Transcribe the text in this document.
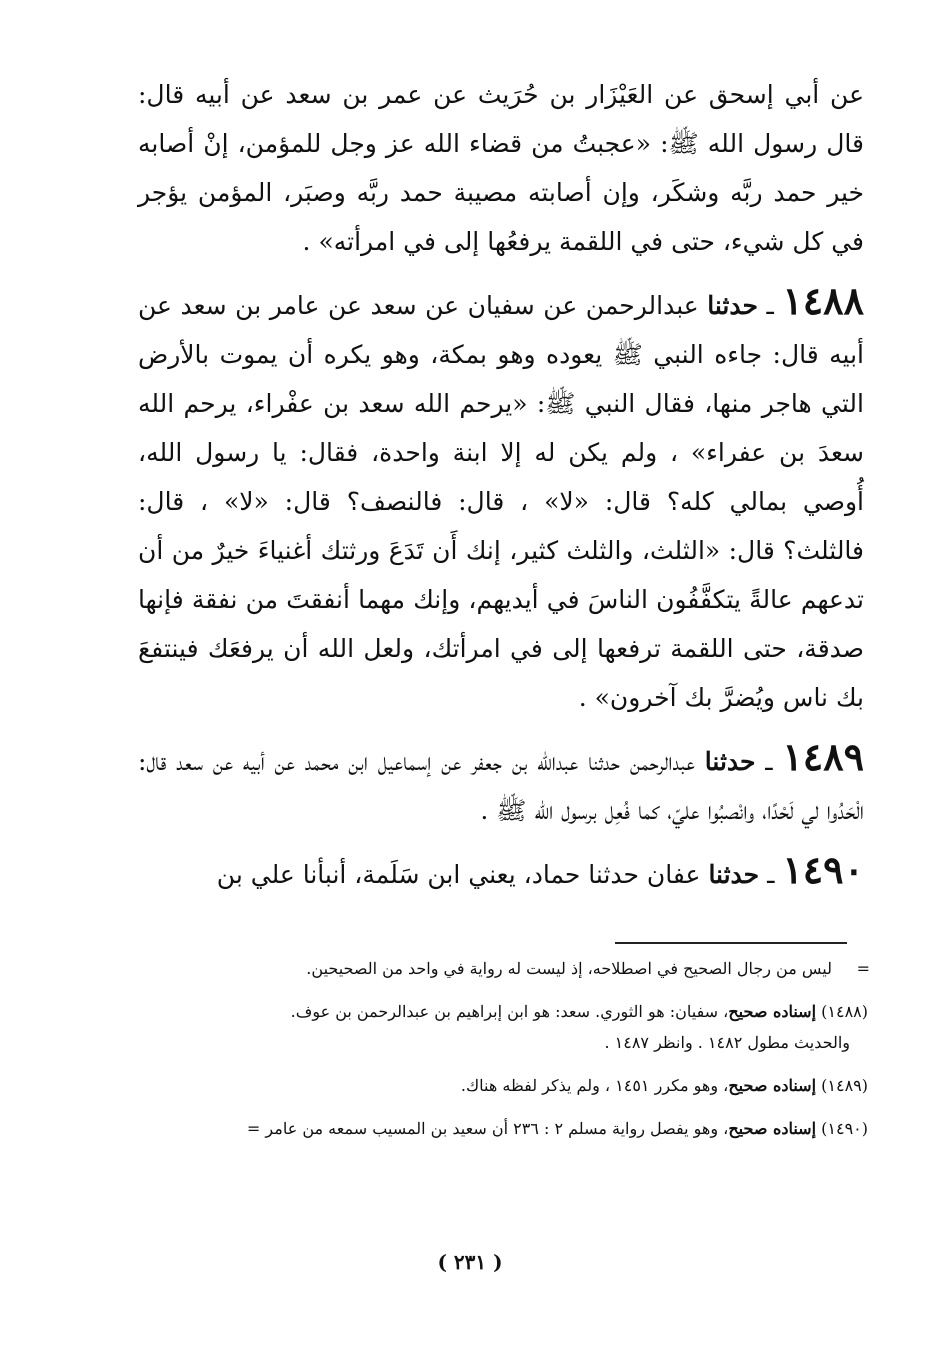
عن أبي إسحق عن العَيْزَار بن حُرَيث عن عمر بن سعد عن أبيه قال: قال رسول الله ﷺ: «عجبتُ من قضاء الله عز وجل للمؤمن، إنْ أصابه خير حمد ربَّه وشكَر، وإن أصابته مصيبة حمد ربَّه وصبَر، المؤمن يؤجر في كل شيء، حتى في اللقمة يرفعُها إلى في امرأته» .

١٤٨٨ ـ حدثنا عبدالرحمن عن سفيان عن سعد عن عامر بن سعد عن أبيه قال: جاءه النبي ﷺ يعوده وهو بمكة، وهو يكره أن يموت بالأرض التي هاجر منها، فقال النبي ﷺ: «يرحم الله سعد بن عفْراء، يرحم الله سعدَ بن عفراء» ، ولم يكن له إلا ابنة واحدة، فقال: يا رسول الله، أُوصي بمالي كله؟ قال: «لا» ، قال: فالنصف؟ قال: «لا» ، قال: فالثلث؟ قال: «الثلث، والثلث كثير، إنك أَن تَدَعَ ورثتك أغنياءَ خيرٌ من أن تدعهم عالةً يتكفَّفُون الناسَ في أيديهم، وإنك مهما أنفقتَ من نفقة فإنها صدقة، حتى اللقمة ترفعها إلى في امرأتك، ولعل الله أن يرفعَك فينتفعَ بك ناس ويُضرَّ بك آخرون» .

١٤٨٩ ـ حدثنا عبدالرحمن حدثنا عبدالله بن جعفر عن إسماعيل ابن محمد عن أبيه عن سعد قال: الْحَدُوا لي لَحْدًا، وانْصبُوا عليّ، كما فُعِل برسول الله ﷺ .

١٤٩٠ ـ حدثنا عفان حدثنا حماد، يعني ابن سَلَمة، أنبأنا علي بن

=
ليس من رجال الصحيح في اصطلاحه، إذ ليست له رواية في واحد من الصحيحين.

(١٤٨٨) إسناده صحيح، سفيان: هو الثوري. سعد: هو ابن إبراهيم بن عبدالرحمن بن عوف.

والحديث مطول ١٤٨٢ . وانظر ١٤٨٧ .

(١٤٨٩) إسناده صحيح، وهو مكرر ١٤٥١ ، ولم يذكر لفظه هناك.

(١٤٩٠) إسناده صحيح، وهو يفصل رواية مسلم ٢ : ٢٣٦ أن سعيد بن المسيب سمعه من عامر =

( ٢٣١ )
